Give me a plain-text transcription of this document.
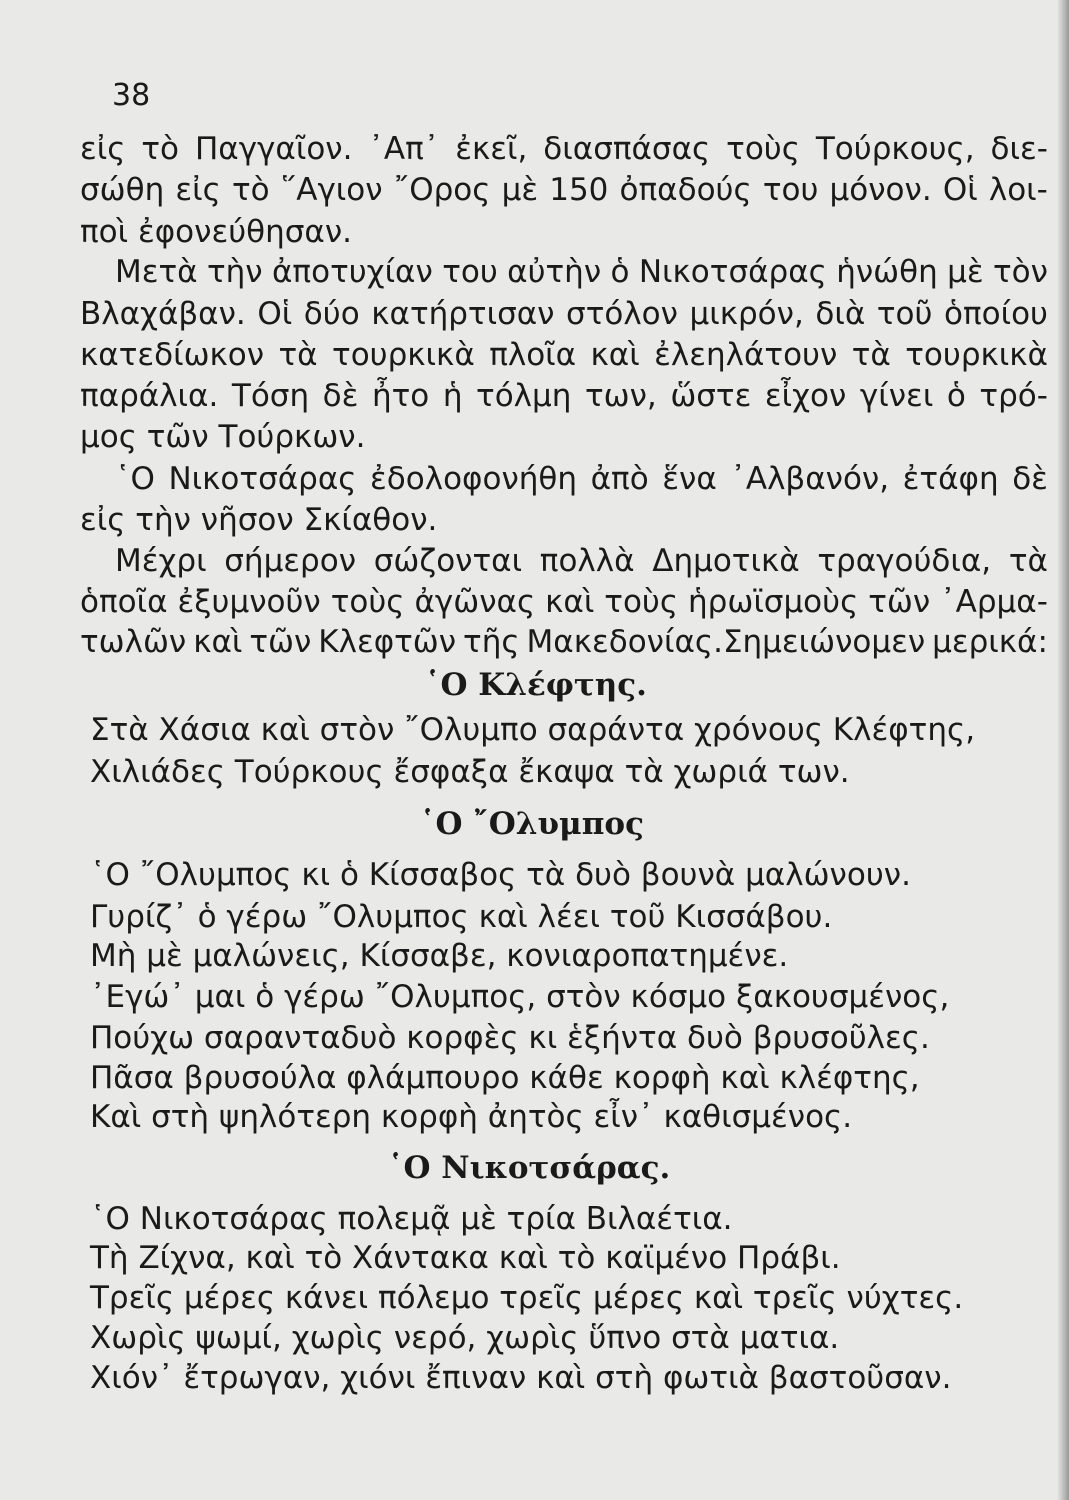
38
εἰς τὸ Παγγαῖον. ᾿Απ᾿ ἐκεῖ, διασπάσας τοὺς Τούρκους, διε-
σώθη εἰς τὸ ῞Αγιον ῎Ορος μὲ 150 ὀπαδούς του μόνον. Οἱ λοι-
ποὶ ἐφονεύθησαν.
Μετὰ τὴν ἀποτυχίαν του αὐτὴν ὁ Νικοτσάρας ἡνώθη μὲ τὸν
Βλαχάβαν. Οἱ δύο κατήρτισαν στόλον μικρόν, διὰ τοῦ ὁποίου
κατεδίωκον τὰ τουρκικὰ πλοῖα καὶ ἐλεηλάτουν τὰ τουρκικὰ
παράλια. Τόση δὲ ἦτο ἡ τόλμη των, ὥστε εἶχον γίνει ὁ τρό-
μος τῶν Τούρκων.
῾Ο Νικοτσάρας ἐδολοφονήθη ἀπὸ ἕνα ᾿Αλβανόν, ἐτάφη δὲ
εἰς τὴν νῆσον Σκίαθον.
Μέχρι σήμερον σώζονται πολλὰ Δημοτικὰ τραγούδια, τὰ
ὁποῖα ἐξυμνοῦν τοὺς ἀγῶνας καὶ τοὺς ἡρωϊσμοὺς τῶν ᾿Αρμα-
τωλῶν καὶ τῶν Κλεφτῶν τῆς Μακεδονίας.Σημειώνομεν μερικά:
῾Ο Κλέφτης.
Στὰ Χάσια καὶ στὸν ῎Ολυμπο σαράντα χρόνους Κλέφτης,
Χιλιάδες Τούρκους ἔσφαξα ἔκαψα τὰ χωριά των.
῾Ο ῎Ολυμπος
῾Ο ῎Ολυμπος κι ὁ Κίσσαβος τὰ δυὸ βουνὰ μαλώνουν.
Γυρίζ᾿ ὁ γέρω ῎Ολυμπος καὶ λέει τοῦ Κισσάβου.
Μὴ μὲ μαλώνεις, Κίσσαβε, κονιαροπατημένε.
᾿Εγώ᾿ μαι ὁ γέρω ῎Ολυμπος, στὸν κόσμο ξακουσμένος,
Πούχω σαρανταδυὸ κορφὲς κι ἑξήντα δυὸ βρυσοῦλες.
Πᾶσα βρυσούλα φλάμπουρο κάθε κορφὴ καὶ κλέφτης,
Καὶ στὴ ψηλότερη κορφὴ ἀητὸς εἶν᾿ καθισμένος.
῾Ο Νικοτσάρας.
῾Ο Νικοτσάρας πολεμᾷ μὲ τρία Βιλαέτια.
Τὴ Ζίχνα, καὶ τὸ Χάντακα καὶ τὸ καϊμένο Πράβι.
Τρεῖς μέρες κάνει πόλεμο τρεῖς μέρες καὶ τρεῖς νύχτες.
Χωρὶς ψωμί, χωρὶς νερό, χωρὶς ὕπνο στὰ ματια.
Χιόν᾿ ἔτρωγαν, χιόνι ἔπιναν καὶ στὴ φωτιὰ βαστοῦσαν.
